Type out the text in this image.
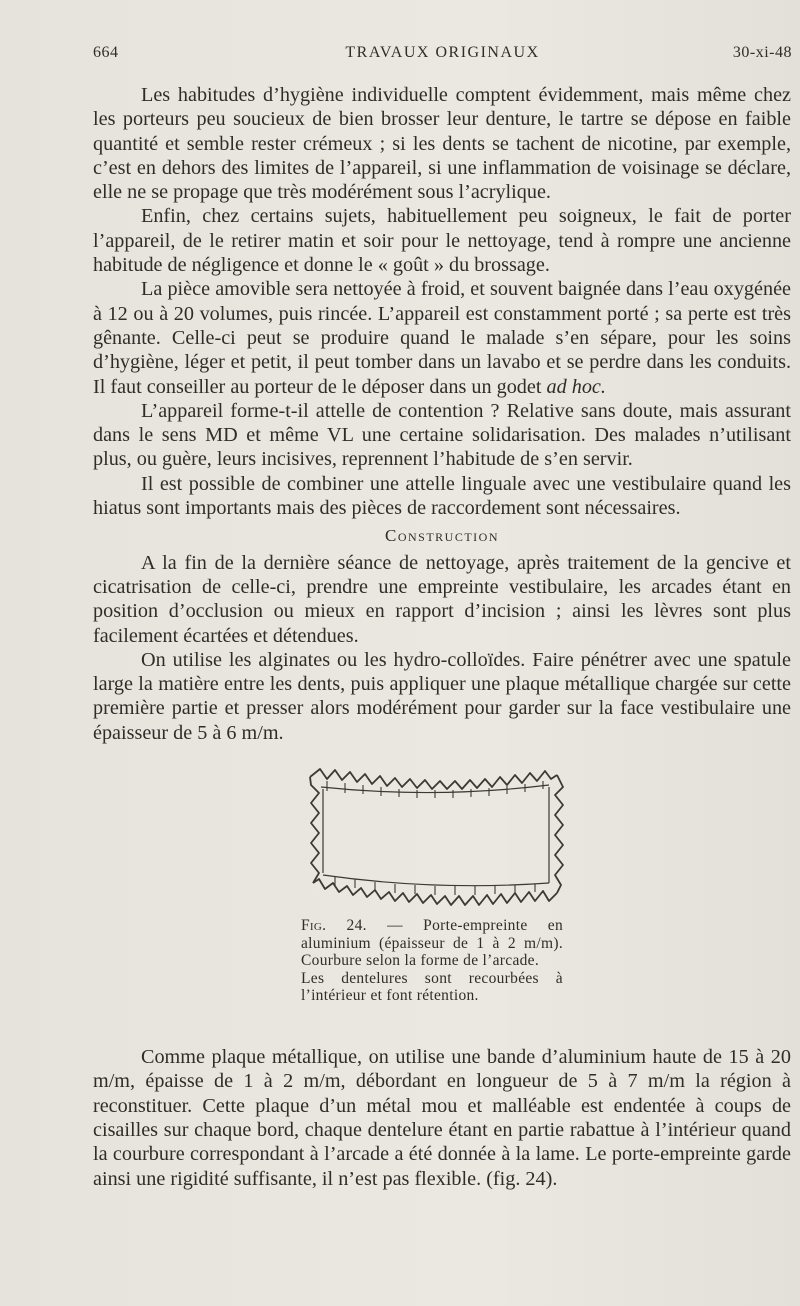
664	TRAVAUX ORIGINAUX	30-xi-48

Les habitudes d’hygiène individuelle comptent évidemment, mais même chez les porteurs peu soucieux de bien brosser leur denture, le tartre se dépose en faible quantité et semble rester crémeux ; si les dents se tachent de nicotine, par exemple, c’est en dehors des limites de l’appareil, si une inflammation de voisinage se déclare, elle ne se propage que très modérément sous l’acrylique.

Enfin, chez certains sujets, habituellement peu soigneux, le fait de porter l’appareil, de le retirer matin et soir pour le nettoyage, tend à rompre une ancienne habitude de négligence et donne le « goût » du brossage.

La pièce amovible sera nettoyée à froid, et souvent baignée dans l’eau oxygénée à 12 ou à 20 volumes, puis rincée. L’appareil est constamment porté ; sa perte est très gênante. Celle-ci peut se produire quand le malade s’en sépare, pour les soins d’hygiène, léger et petit, il peut tomber dans un lavabo et se perdre dans les conduits. Il faut conseiller au porteur de le déposer dans un godet ad hoc.

L’appareil forme-t-il attelle de contention ? Relative sans doute, mais assurant dans le sens MD et même VL une certaine solidarisation. Des malades n’utilisant plus, ou guère, leurs incisives, reprennent l’habitude de s’en servir.

Il est possible de combiner une attelle linguale avec une vestibulaire quand les hiatus sont importants mais des pièces de raccordement sont nécessaires.

Construction

A la fin de la dernière séance de nettoyage, après traitement de la gencive et cicatrisation de celle-ci, prendre une empreinte vestibulaire, les arcades étant en position d’occlusion ou mieux en rapport d’incision ; ainsi les lèvres sont plus facilement écartées et détendues.

On utilise les alginates ou les hydro-colloïdes. Faire pénétrer avec une spatule large la matière entre les dents, puis appliquer une plaque métallique chargée sur cette première partie et presser alors modérément pour garder sur la face vestibulaire une épaisseur de 5 à 6 m/m.

Fig. 24. — Porte-empreinte en aluminium (épaisseur de 1 à 2 m/m). Courbure selon la forme de l’arcade.

Les dentelures sont recourbées à l’intérieur et font rétention.

Comme plaque métallique, on utilise une bande d’aluminium haute de 15 à 20 m/m, épaisse de 1 à 2 m/m, débordant en longueur de 5 à 7 m/m la région à reconstituer. Cette plaque d’un métal mou et malléable est endentée à coups de cisailles sur chaque bord, chaque dentelure étant en partie rabattue à l’intérieur quand la courbure correspondant à l’arcade a été donnée à la lame. Le porte-empreinte garde ainsi une rigidité suffisante, il n’est pas flexible. (fig. 24).
